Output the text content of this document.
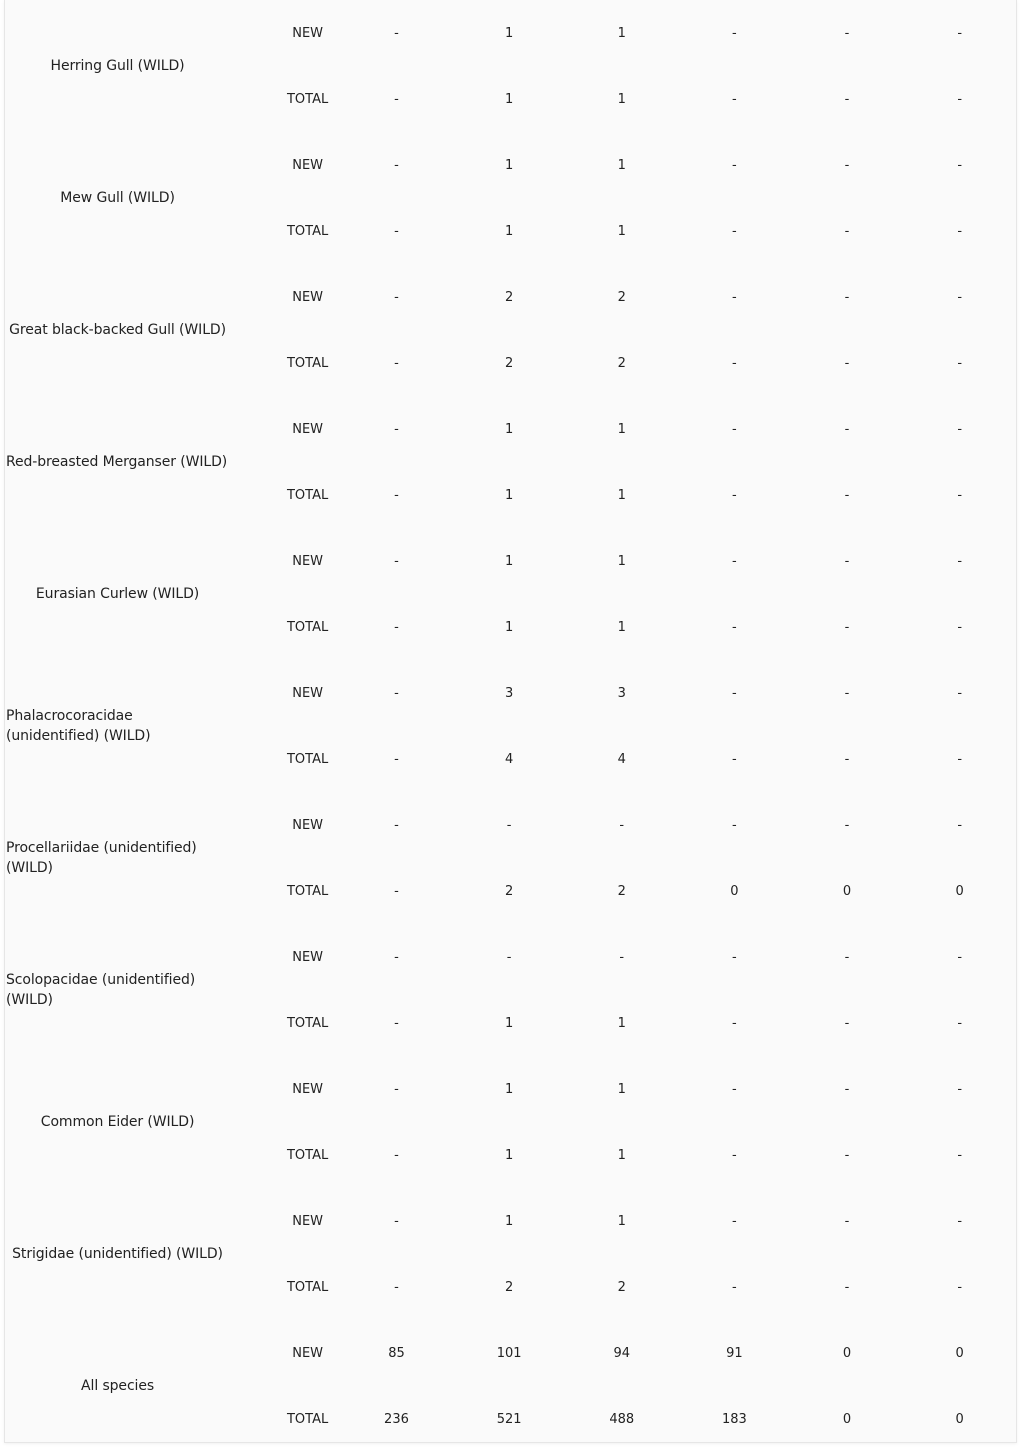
Herring Gull (WILD)	NEW	-	1	1	-	-	-
	TOTAL	-	1	1	-	-	-
Mew Gull (WILD)	NEW	-	1	1	-	-	-
	TOTAL	-	1	1	-	-	-
Great black-backed Gull (WILD)	NEW	-	2	2	-	-	-
	TOTAL	-	2	2	-	-	-
Red-breasted Merganser (WILD)	NEW	-	1	1	-	-	-
	TOTAL	-	1	1	-	-	-
Eurasian Curlew (WILD)	NEW	-	1	1	-	-	-
	TOTAL	-	1	1	-	-	-
Phalacrocoracidae (unidentified) (WILD)	NEW	-	3	3	-	-	-
	TOTAL	-	4	4	-	-	-
Procellariidae (unidentified) (WILD)	NEW	-	-	-	-	-	-
	TOTAL	-	2	2	0	0	0
Scolopacidae (unidentified) (WILD)	NEW	-	-	-	-	-	-
	TOTAL	-	1	1	-	-	-
Common Eider (WILD)	NEW	-	1	1	-	-	-
	TOTAL	-	1	1	-	-	-
Strigidae (unidentified) (WILD)	NEW	-	1	1	-	-	-
	TOTAL	-	2	2	-	-	-
All species	NEW	85	101	94	91	0	0
	TOTAL	236	521	488	183	0	0
